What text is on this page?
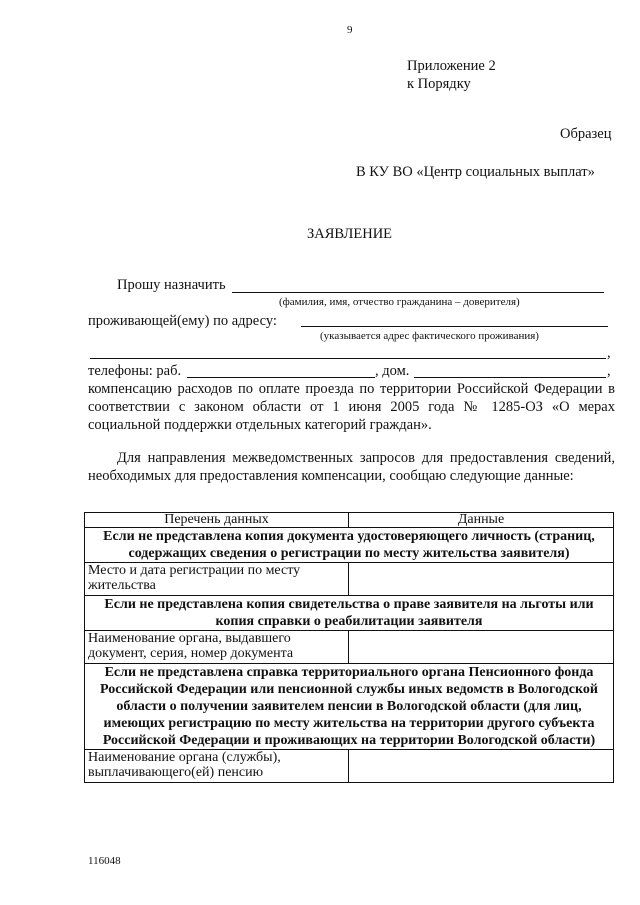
9
Приложение 2
к Порядку
Образец
В КУ ВО «Центр социальных выплат»
ЗАЯВЛЕНИЕ
Прошу назначить
(фамилия, имя, отчество гражданина – доверителя)
проживающей(ему) по адресу:
(указывается адрес фактического проживания)
,
телефоны: раб.	, дом.	,
компенсацию расходов по оплате проезда по территории Российской Федерации в соответствии с законом области от 1 июня 2005 года № 1285-ОЗ «О мерах социальной поддержки отдельных категорий граждан».
Для направления межведомственных запросов для предоставления сведений, необходимых для предоставления компенсации, сообщаю следующие данные:
Перечень данных	Данные
Если не представлена копия документа удостоверяющего личность (страниц, содержащих сведения о регистрации по месту жительства заявителя)	
Место и дата регистрации по месту жительства	
Если не представлена копия свидетельства о праве заявителя на льготы или копия справки о реабилитации заявителя	
Наименование органа, выдавшего документ, серия, номер документа	
Если не представлена справка территориального органа Пенсионного фонда Российской Федерации или пенсионной службы иных ведомств в Вологодской области о получении заявителем пенсии в Вологодской области (для лиц, имеющих регистрацию по месту жительства на территории другого субъекта Российской Федерации и проживающих на территории Вологодской области)	
Наименование органа (службы), выплачивающего(ей) пенсию	
116048
